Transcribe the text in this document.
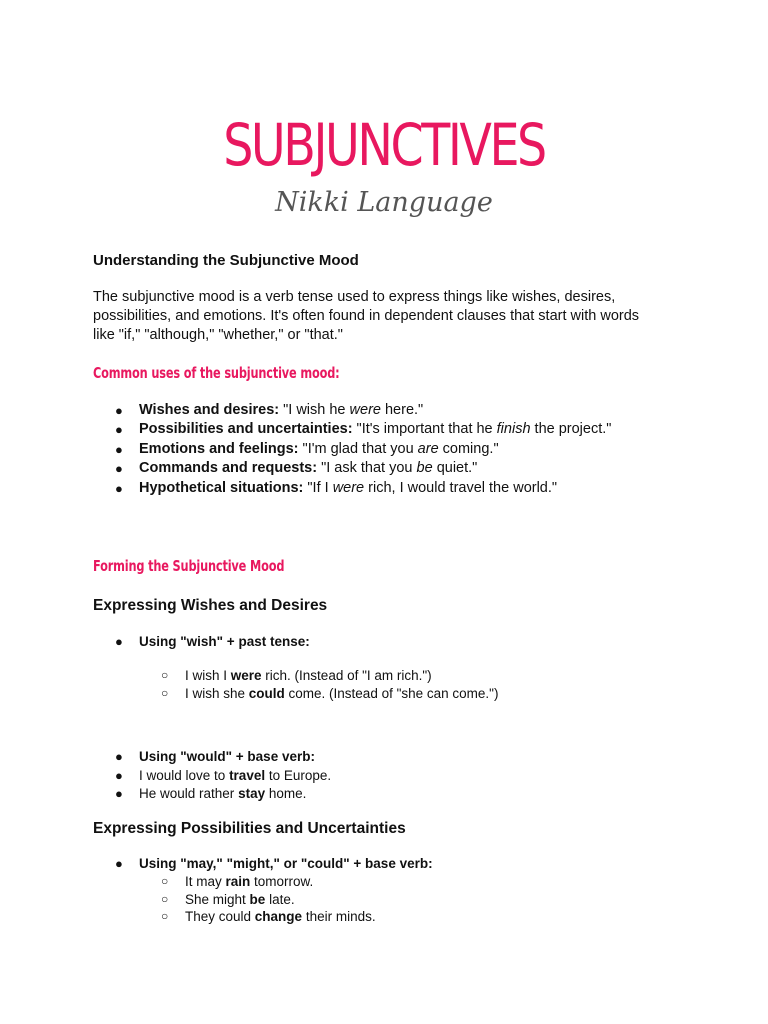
SUBJUNCTIVES
Nikki Language
Understanding the Subjunctive Mood

The subjunctive mood is a verb tense used to express things like wishes, desires, possibilities, and emotions. It's often found in dependent clauses that start with words like "if," "although," "whether," or "that."

Common uses of the subjunctive mood:
● Wishes and desires: "I wish he were here."
● Possibilities and uncertainties: "It's important that he finish the project."
● Emotions and feelings: "I'm glad that you are coming."
● Commands and requests: "I ask that you be quiet."
● Hypothetical situations: "If I were rich, I would travel the world."
Forming the Subjunctive Mood
Expressing Wishes and Desires
● Using "wish" + past tense:
○ I wish I were rich. (Instead of "I am rich.")
○ I wish she could come. (Instead of "she can come.")
● Using "would" + base verb:
● I would love to travel to Europe.
● He would rather stay home.
Expressing Possibilities and Uncertainties
● Using "may," "might," or "could" + base verb:
○ It may rain tomorrow.
○ She might be late.
○ They could change their minds.
